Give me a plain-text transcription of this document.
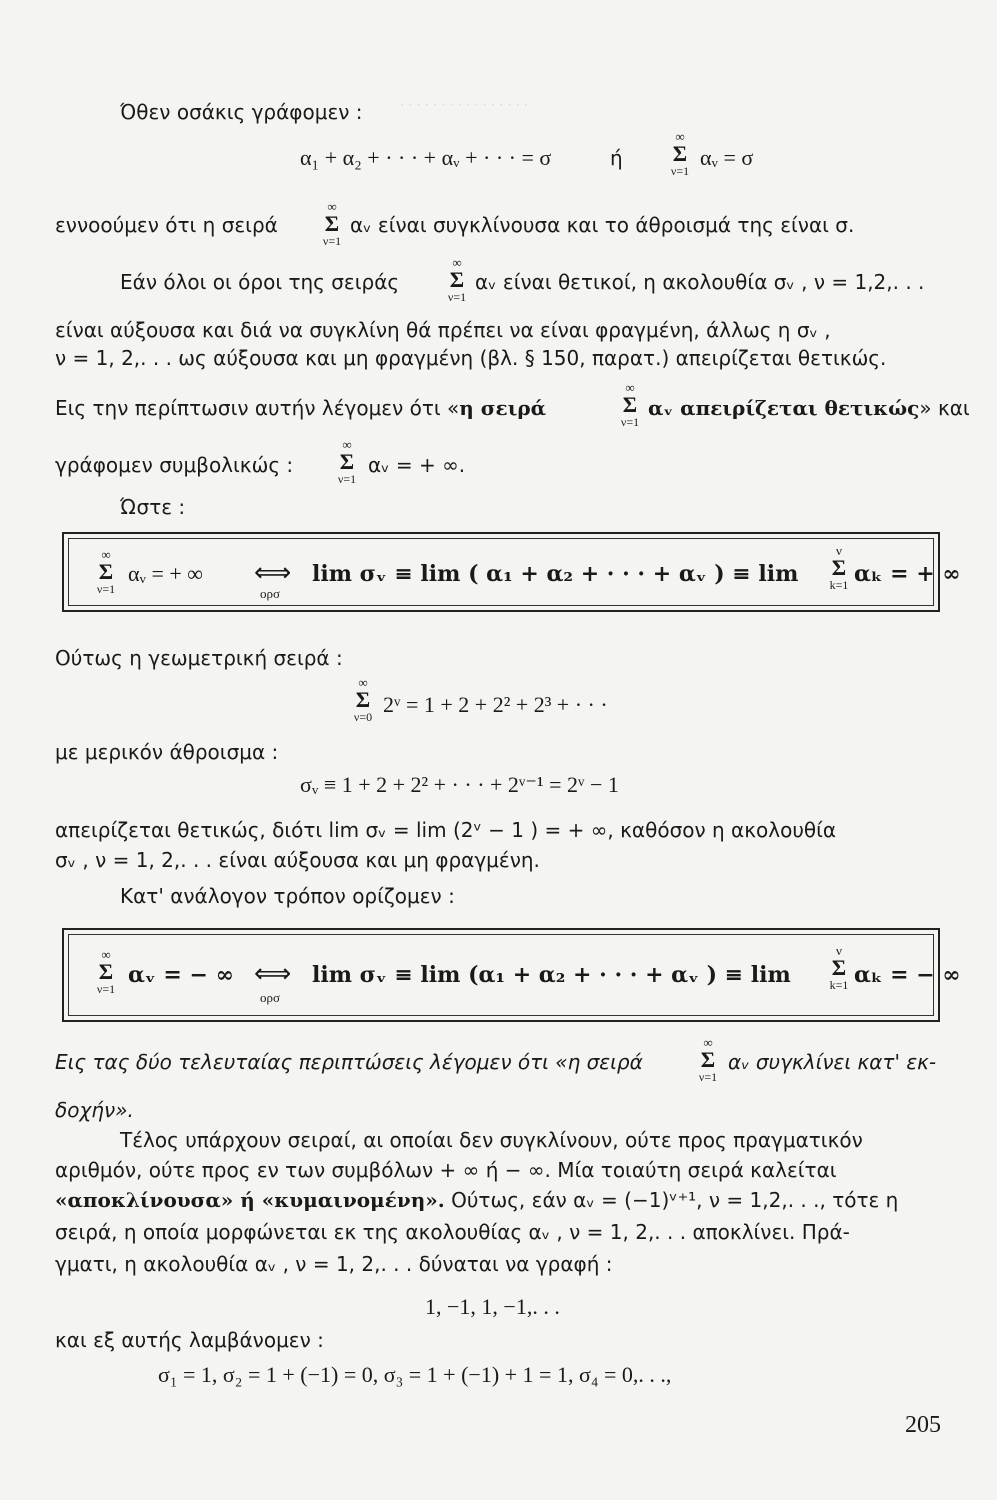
· · · · · · · · · · · · · · · ·
Όθεν οσάκις γράφομεν :
α₁ + α₂ + · · · + αᵥ + · · · = σ	ή
∞
Σ
ν=1
αᵥ = σ
εννοούμεν ότι η σειρά
∞
Σ
ν=1
αᵥ είναι συγκλίνουσα και το άθροισμά της είναι σ.
Εάν όλοι οι όροι της σειράς
∞
Σ
ν=1
αᵥ είναι θετικοί, η ακολουθία σᵥ , ν = 1,2,. . .
είναι αύξουσα και διά να συγκλίνη θά πρέπει να είναι φραγμένη, άλλως η σᵥ ,
ν = 1, 2,. . . ως αύξουσα και μη φραγμένη (βλ. § 150, παρατ.) απειρίζεται θετικώς.
Εις την περίπτωσιν αυτήν λέγομεν ότι «η σειρά
∞
Σ
ν=1
αᵥ απειρίζεται θετικώς» και
γράφομεν συμβολικώς :
∞
Σ
ν=1
αᵥ = + ∞.
Ώστε :
∞
Σ
ν=1
αᵥ = + ∞ ⟺
ορσ
lim σᵥ ≡ lim ( α₁ + α₂ + · · · + αᵥ ) ≡ lim
ν
Σ
k=1 αₖ = + ∞
Ούτως η γεωμετρική σειρά :
∞
Σ
ν=0 2ᵛ = 1 + 2 + 2² + 2³ + · · ·
με μερικόν άθροισμα :
σᵥ ≡ 1 + 2 + 2² + · · · + 2ᵛ⁻¹ = 2ᵛ − 1
απειρίζεται θετικώς, διότι lim σᵥ = lim (2ᵛ − 1 ) = + ∞, καθόσον η ακολουθία
σᵥ , ν = 1, 2,. . . είναι αύξουσα και μη φραγμένη.
Κατ' ανάλογον τρόπον ορίζομεν :
∞
Σ
ν=1
αᵥ = − ∞ ⟺
ορσ
lim σᵥ ≡ lim (α₁ + α₂ + · · · + αᵥ ) ≡ lim
ν
Σ
k=1 αₖ = − ∞
Εις τας δύο τελευταίας περιπτώσεις λέγομεν ότι «η σειρά
∞
Σ
ν=1
αᵥ συγκλίνει κατ' εκ-
δοχήν».
Τέλος υπάρχουν σειραί, αι οποίαι δεν συγκλίνουν, ούτε προς πραγματικόν
αριθμόν, ούτε προς εν των συμβόλων + ∞ ή − ∞. Μία τοιαύτη σειρά καλείται
«αποκλίνουσα» ή «κυμαινομένη». Ούτως, εάν αᵥ = (−1)ᵛ⁺¹, ν = 1,2,. . ., τότε η
σειρά, η οποία μορφώνεται εκ της ακολουθίας αᵥ , ν = 1, 2,. . . αποκλίνει. Πρά-
γματι, η ακολουθία αᵥ , ν = 1, 2,. . . δύναται να γραφή :
1, −1, 1, −1,. . .
και εξ αυτής λαμβάνομεν :
σ₁ = 1, σ₂ = 1 + (−1) = 0, σ₃ = 1 + (−1) + 1 = 1, σ₄ = 0,. . .,
205
